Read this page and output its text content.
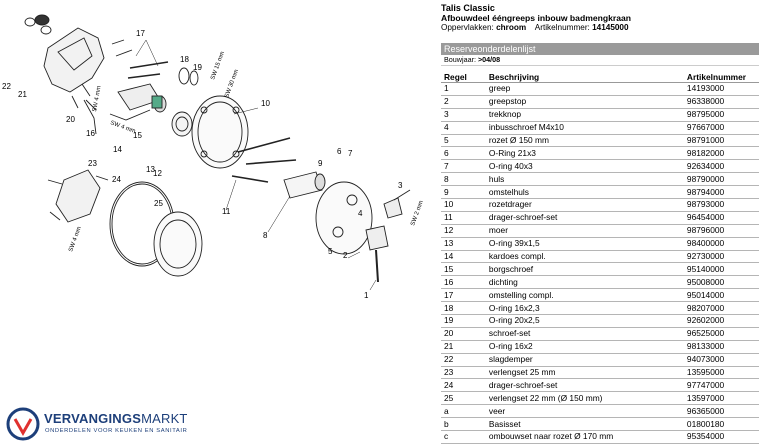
1
2
3
4
5
6 7
8
9
10
11
12
13
14
15
16
17
18
19
20
21
22
23
24
25
SW 15 mm
SW 30 mm
SW 4 mm
SW 4 mm
SW 2 mm
SW 4 mm
VERVANGINGSMARKT
ONDERDELEN VOOR KEUKEN EN SANITAIR
Talis Classic
Afbouwdeel ééngreeps inbouw badmengkraan
Oppervlakken: chroom Artikelnummer: 14145000
Reserveonderdelenlijst
Bouwjaar: >04/08
Regel	Beschrijving	Artikelnummer
1	greep	14193000
2	greepstop	96338000
3	trekknop	98795000
4	inbusschroef M4x10	97667000
5	rozet Ø 150 mm	98791000
6	O-Ring 21x3	98182000
7	O-ring 40x3	92634000
8	huls	98790000
9	omstelhuls	98794000
10	rozetdrager	98793000
11	drager-schroef-set	96454000
12	moer	98796000
13	O-ring 39x1,5	98400000
14	kardoes compl.	92730000
15	borgschroef	95140000
16	dichting	95008000
17	omstelling compl.	95014000
18	O-ring 16x2,3	98207000
19	O-ring 20x2,5	92602000
20	schroef-set	96525000
21	O-ring 16x2	98133000
22	slagdemper	94073000
23	verlengset 25 mm	13595000
24	drager-schroef-set	97747000
25	verlengset 22 mm (Ø 150 mm)	13597000
a	veer	96365000
b	Basisset	01800180
c	ombouwset naar rozet Ø 170 mm	95354000
